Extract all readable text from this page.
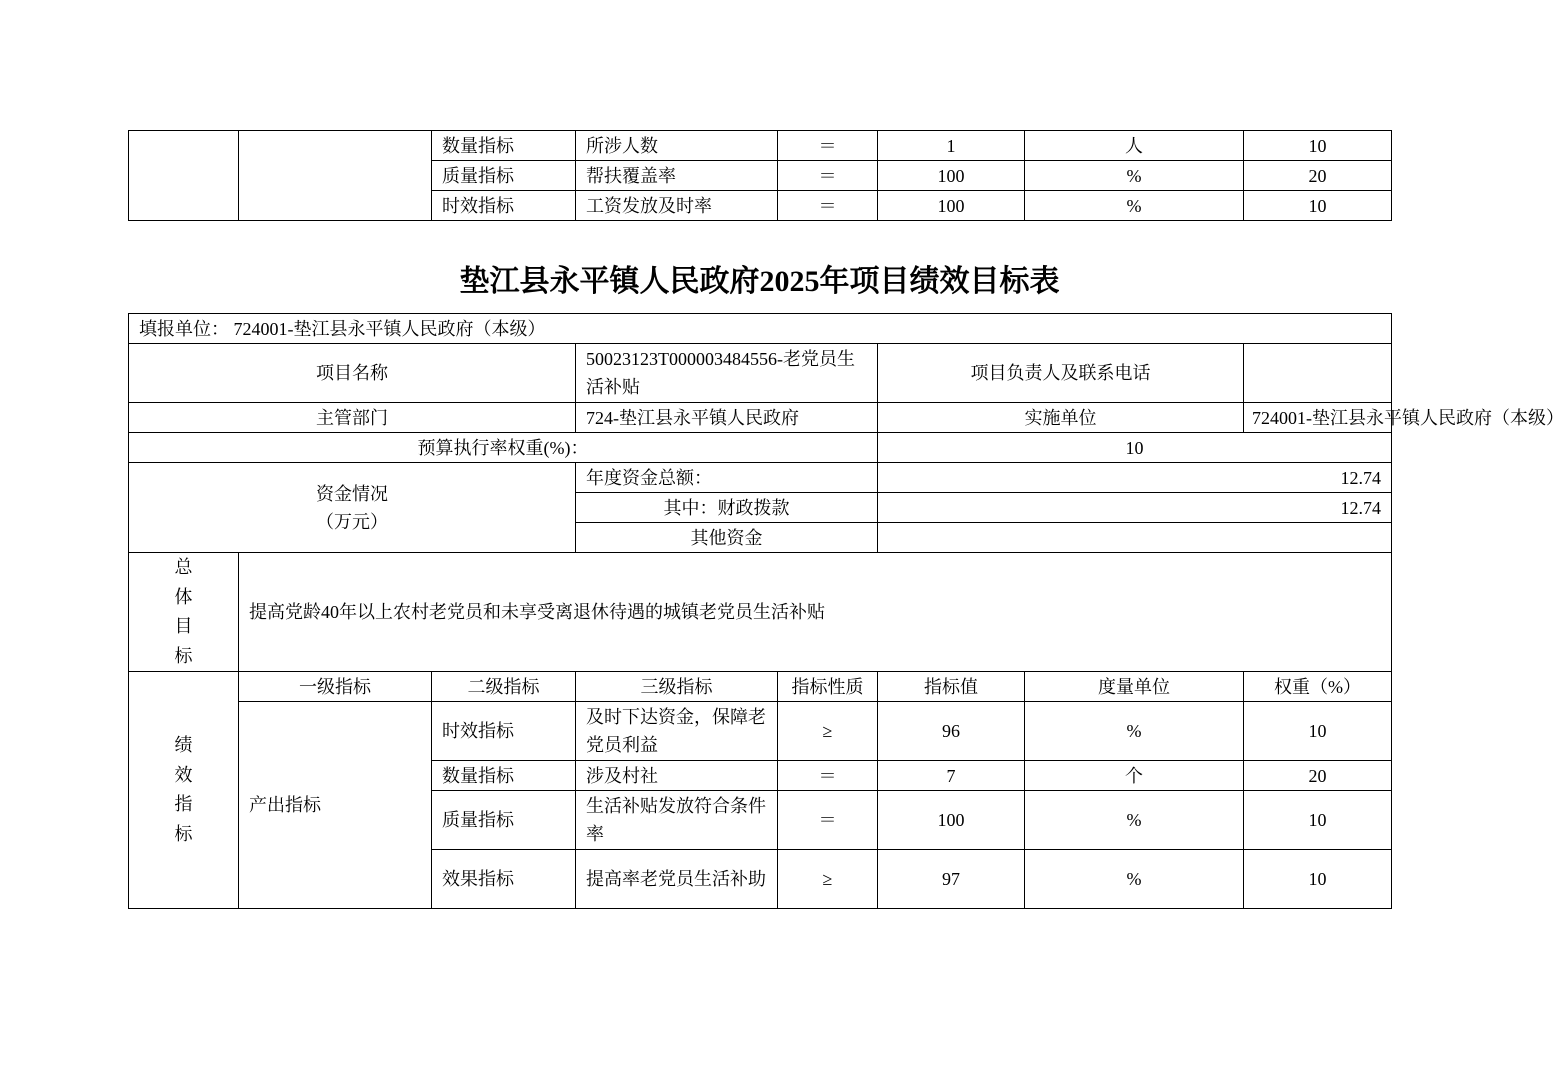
		数量指标	所涉人数	＝	1	人	10
		质量指标	帮扶覆盖率	＝	100	%	20
		时效指标	工资发放及时率	＝	100	%	10
垫江县永平镇人民政府2025年项目绩效目标表
填报单位： 724001-垫江县永平镇人民政府（本级）							
项目名称			50023123T000003484556-老党员生活补贴		项目负责人及联系电话		
主管部门			724-垫江县永平镇人民政府		实施单位		724001-垫江县永平镇人民政府（本级）
预算执行率权重(%)：					10		

资金情况
（万元）			年度资金总额：		12.74		
			其中：财政拨款		12.74		
			其他资金				

总
体
目
标	提高党龄40年以上农村老党员和未享受离退休待遇的城镇老党员生活补贴						

绩
效
指
标	一级指标	二级指标	三级指标	指标性质	指标值	度量单位	权重（%）
	产出指标	时效指标	及时下达资金，保障老党员利益	≥	96	%	10
		数量指标	涉及村社	＝	7	个	20
		质量指标	生活补贴发放符合条件率	＝	100	%	10
		效果指标	提高率老党员生活补助	≥	97	%	10
